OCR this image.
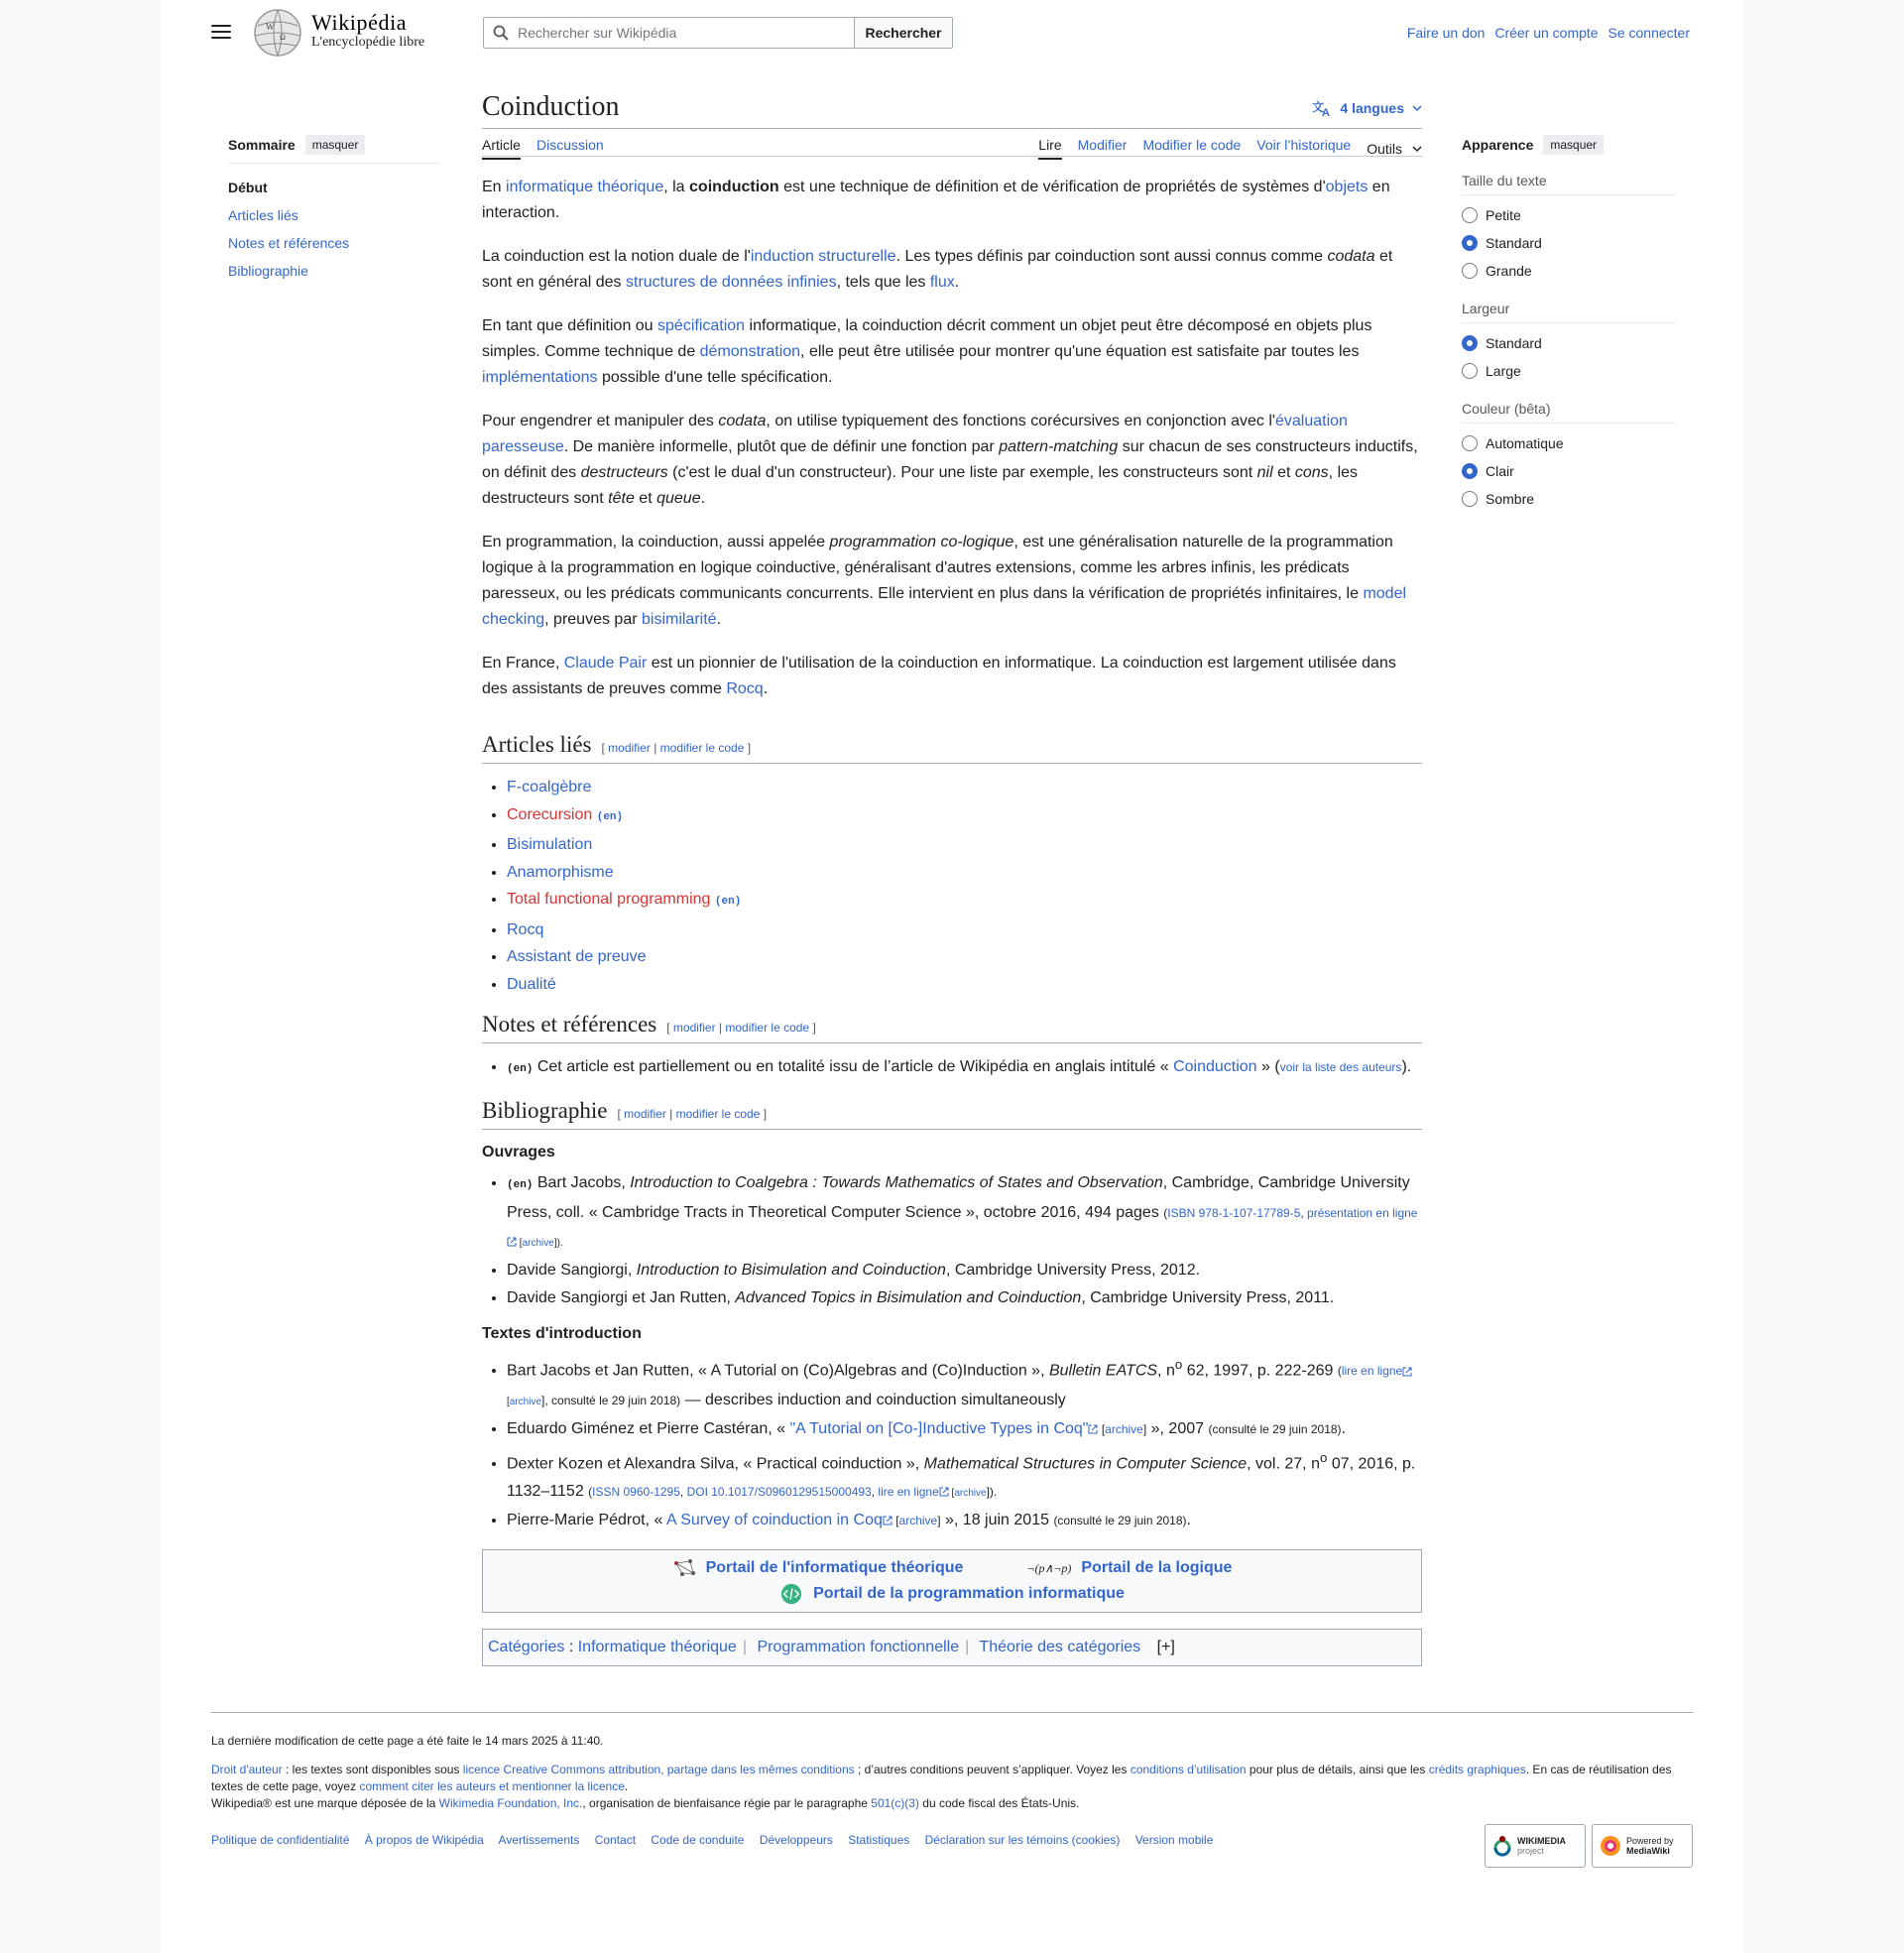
W
Ω
Wikipédia
L'encyclopédie libre
Rechercher sur Wikipédia
Rechercher	Faire un don Créer un compte Se connecter
Sommaire	masquer
Début
Articles liés
Notes et références
Bibliographie
Coinduction	文
A 4 langues
Article Discussion	Lire Modifier Modifier le code Voir l’historique Outils

En informatique théorique, la coinduction est une technique de définition et de vérification de propriétés de systèmes d'objets en interaction.

La coinduction est la notion duale de l'induction structurelle. Les types définis par coinduction sont aussi connus comme codata et sont en général des structures de données infinies, tels que les flux.

En tant que définition ou spécification informatique, la coinduction décrit comment un objet peut être décomposé en objets plus simples. Comme technique de démonstration, elle peut être utilisée pour montrer qu'une équation est satisfaite par toutes les implémentations possible d'une telle spécification.

Pour engendrer et manipuler des codata, on utilise typiquement des fonctions corécursives en conjonction avec l'évaluation paresseuse. De manière informelle, plutôt que de définir une fonction par pattern-matching sur chacun de ses constructeurs inductifs, on définit des destructeurs (c'est le dual d'un constructeur). Pour une liste par exemple, les constructeurs sont nil et cons, les destructeurs sont tête et queue.

En programmation, la coinduction, aussi appelée programmation co-logique, est une généralisation naturelle de la programmation logique à la programmation en logique coinductive, généralisant d'autres extensions, comme les arbres infinis, les prédicats paresseux, ou les prédicats communicants concurrents. Elle intervient en plus dans la vérification de propriétés infinitaires, le model checking, preuves par bisimilarité.

En France, Claude Pair est un pionnier de l'utilisation de la coinduction en informatique. La coinduction est largement utilisée dans des assistants de preuves comme Rocq.

Articles liés [ modifier | modifier le code ]
• F-coalgèbre
• Corecursion (en)
• Bisimulation
• Anamorphisme
• Total functional programming (en)
• Rocq
• Assistant de preuve
• Dualité
Notes et références [ modifier | modifier le code ]
• (en) Cet article est partiellement ou en totalité issu de l’article de Wikipédia en anglais intitulé « Coinduction » (voir la liste des auteurs).
Bibliographie [ modifier | modifier le code ]
Ouvrages
• (en) Bart Jacobs, Introduction to Coalgebra : Towards Mathematics of States and Observation, Cambridge, Cambridge University Press, coll. « Cambridge Tracts in Theoretical Computer Science », octobre 2016, 494 pages (ISBN 978-1-107-17789-5, présentation en ligne [archive]).
• Davide Sangiorgi, Introduction to Bisimulation and Coinduction, Cambridge University Press, 2012.
• Davide Sangiorgi et Jan Rutten, Advanced Topics in Bisimulation and Coinduction, Cambridge University Press, 2011.
Textes d'introduction
• Bart Jacobs et Jan Rutten, « A Tutorial on (Co)Algebras and (Co)Induction », Bulletin EATCS, $n^o$ 62, 1997, p. 222-269 (lire en ligne [archive], consulté le 29 juin 2018) — describes induction and coinduction simultaneously
• Eduardo Giménez et Pierre Castéran, « "A Tutorial on [Co-]Inductive Types in Coq" [archive] », 2007 (consulté le 29 juin 2018).
• Dexter Kozen et Alexandra Silva, « Practical coinduction », Mathematical Structures in Computer Science, vol. 27, $n^o$ 07, 2016, p. 1132–1152 (ISSN 0960-1295, DOI 10.1017/S0960129515000493, lire en ligne [archive]).
• Pierre-Marie Pédrot, « A Survey of coinduction in Coq [archive] », 18 juin 2015 (consulté le 29 juin 2018).
Portail de l'informatique théorique	¬(p∧¬p) Portail de la logique
Portail de la programmation informatique
Catégories : Informatique théorique | Programmation fonctionnelle | Théorie des catégories [+]
Apparence	masquer
Taille du texte
Petite
Standard
Grande
Largeur
Standard
Large
Couleur (bêta)
Automatique
Clair
Sombre

La dernière modification de cette page a été faite le 14 mars 2025 à 11:40.

Droit d'auteur : les textes sont disponibles sous licence Creative Commons attribution, partage dans les mêmes conditions ; d’autres conditions peuvent s’appliquer. Voyez les conditions d’utilisation pour plus de détails, ainsi que les crédits graphiques. En cas de réutilisation des textes de cette page, voyez comment citer les auteurs et mentionner la licence.

Wikipedia® est une marque déposée de la Wikimedia Foundation, Inc., organisation de bienfaisance régie par le paragraphe 501(c)(3) du code fiscal des États-Unis.

Politique de confidentialité À propos de Wikipédia Avertissements Contact Code de conduite Développeurs Statistiques Déclaration sur les témoins (cookies) Version mobile	WIKIMEDIA
project
Powered by
MediaWiki
